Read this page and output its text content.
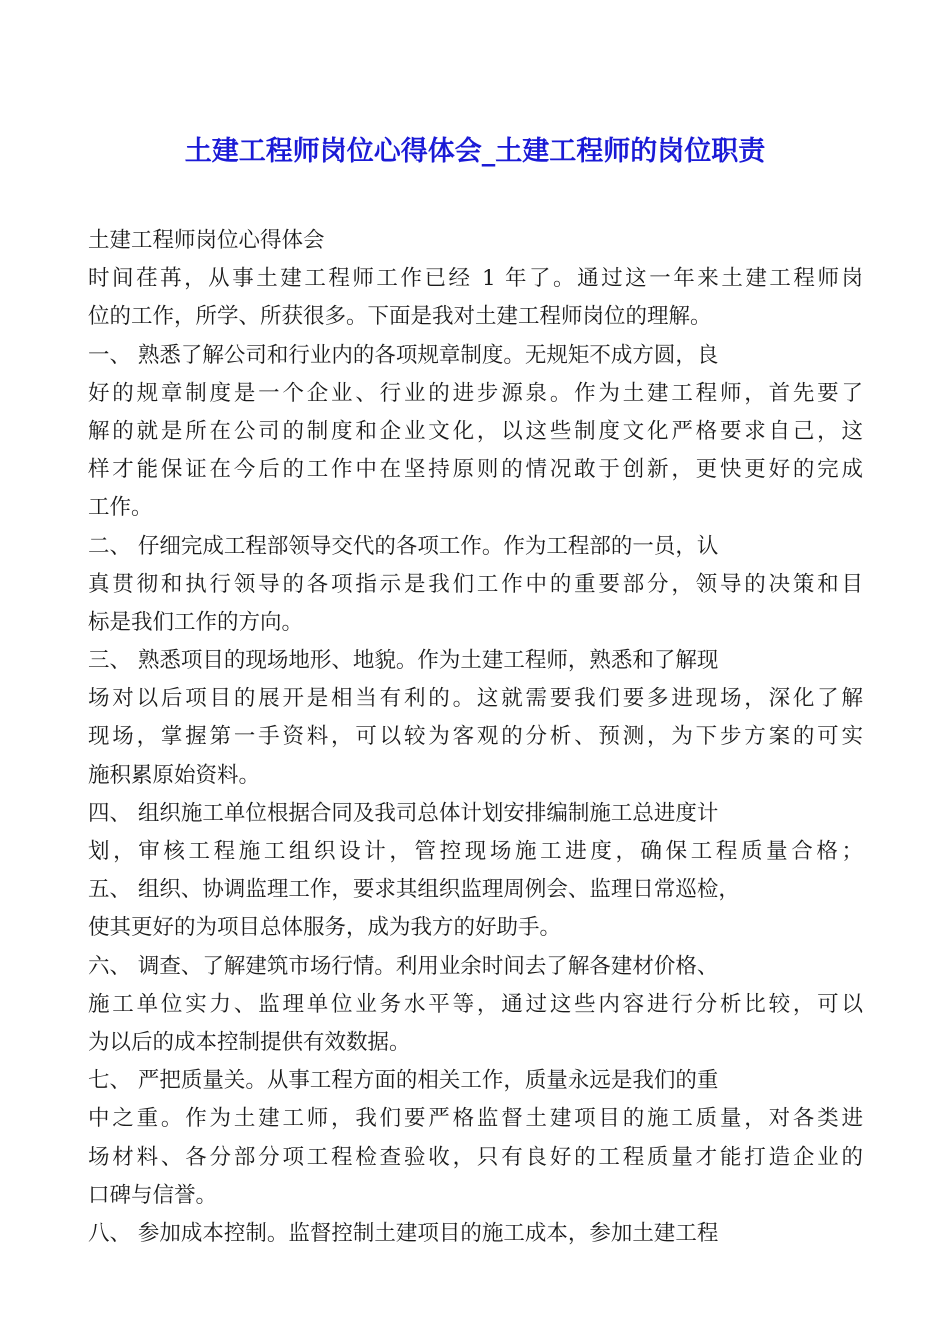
土建工程师岗位心得体会_土建工程师的岗位职责
土建工程师岗位心得体会
时间荏苒，从事土建工程师工作已经 1 年了。通过这一年来土建工程师岗
位的工作，所学、所获很多。下面是我对土建工程师岗位的理解。
一、 熟悉了解公司和行业内的各项规章制度。无规矩不成方圆，良
好的规章制度是一个企业、行业的进步源泉。作为土建工程师，首先要了
解的就是所在公司的制度和企业文化，以这些制度文化严格要求自己，这
样才能保证在今后的工作中在坚持原则的情况敢于创新，更快更好的完成
工作。
二、 仔细完成工程部领导交代的各项工作。作为工程部的一员，认
真贯彻和执行领导的各项指示是我们工作中的重要部分，领导的决策和目
标是我们工作的方向。
三、 熟悉项目的现场地形、地貌。作为土建工程师，熟悉和了解现
场对以后项目的展开是相当有利的。这就需要我们要多进现场，深化了解
现场，掌握第一手资料，可以较为客观的分析、预测，为下步方案的可实
施积累原始资料。
四、 组织施工单位根据合同及我司总体计划安排编制施工总进度计
划，审核工程施工组织设计，管控现场施工进度，确保工程质量合格；
五、 组织、协调监理工作，要求其组织监理周例会、监理日常巡检，
使其更好的为项目总体服务，成为我方的好助手。
六、 调查、了解建筑市场行情。利用业余时间去了解各建材价格、
施工单位实力、监理单位业务水平等，通过这些内容进行分析比较，可以
为以后的成本控制提供有效数据。
七、 严把质量关。从事工程方面的相关工作，质量永远是我们的重
中之重。作为土建工师，我们要严格监督土建项目的施工质量，对各类进
场材料、各分部分项工程检查验收，只有良好的工程质量才能打造企业的
口碑与信誉。
八、 参加成本控制。监督控制土建项目的施工成本，参加土建工程
